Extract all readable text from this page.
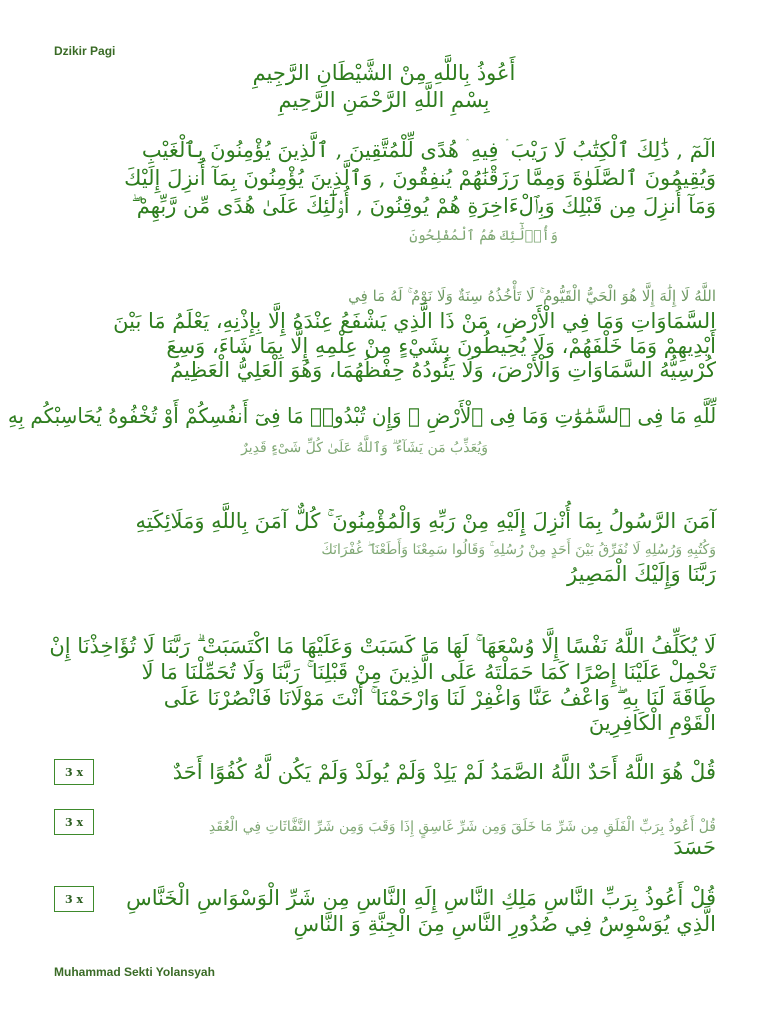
Dzikir Pagi
أَعُوذُ بِاللَّهِ مِنْ الشَّيْطَانِ الرَّجِيمِ
بِسْمِ اللَّهِ الرَّحْمَنِ الرَّحِيمِ
الٓمٓ , ذَٰلِكَ ٱلْكِتَٰبُ لَا رَيْبَ ۛ فِيهِ ۛ هُدًى لِّلْمُتَّقِينَ , ٱلَّذِينَ يُؤْمِنُونَ بِٱلْغَيْبِ
وَيُقِيمُونَ ٱلصَّلَوٰةَ وَمِمَّا رَزَقْنَٰهُمْ يُنفِقُونَ , وَٱلَّذِينَ يُؤْمِنُونَ بِمَآ أُنزِلَ إِلَيْكَ
وَمَآ أُنزِلَ مِن قَبْلِكَ وَبِٱلْءَاخِرَةِ هُمْ يُوقِنُونَ , أُو۟لَٰٓئِكَ عَلَىٰ هُدًى مِّن رَّبِّهِمْ ۖ
وَأُو۟لَٰٓئِكَ هُمُ ٱلْمُفْلِحُونَ
اللَّهُ لَا إِلَٰهَ إِلَّا هُوَ الْحَيُّ الْقَيُّومُ ۚ لَا تَأْخُذُهُ سِنَةٌ وَلَا نَوْمٌ ۚ لَهُ مَا فِي
السَّمَاوَاتِ وَمَا فِي الْأَرْضِ، مَنْ ذَا الَّذِي يَشْفَعُ عِنْدَهُ إِلَّا بِإِذْنِهِ، يَعْلَمُ مَا بَيْنَ
أَيْدِيهِمْ وَمَا خَلْفَهُمْ، وَلَا يُحِيطُونَ بِشَيْءٍ مِنْ عِلْمِهِ إِلَّا بِمَا شَاءَ، وَسِعَ
كُرْسِيُّهُ السَّمَاوَاتِ وَالْأَرْضَ، وَلَا يَئُودُهُ حِفْظُهُمَا، وَهُوَ الْعَلِيُّ الْعَظِيمُ
لِّلَّهِ مَا فِى ٱلسَّمَٰوَٰتِ وَمَا فِى ٱلْأَرْضِ ۗ وَإِن تُبْدُوا۟ مَا فِىٓ أَنفُسِكُمْ أَوْ تُخْفُوهُ يُحَاسِبْكُم بِهِ
وَيُعَذِّبُ مَن يَشَآءُ ۗ وَٱللَّهُ عَلَىٰ كُلِّ شَىْءٍ قَدِيرٌ
آمَنَ الرَّسُولُ بِمَا أُنْزِلَ إِلَيْهِ مِنْ رَبِّهِ وَالْمُؤْمِنُونَ ۚ كُلٌّ آمَنَ بِاللَّهِ وَمَلَائِكَتِهِ
وَكُتُبِهِ وَرُسُلِهِ لَا نُفَرِّقُ بَيْنَ أَحَدٍ مِنْ رُسُلِهِ ۚ وَقَالُوا سَمِعْنَا وَأَطَعْنَا ۖ غُفْرَانَكَ
رَبَّنَا وَإِلَيْكَ الْمَصِيرُ
لَا يُكَلِّفُ اللَّهُ نَفْسًا إِلَّا وُسْعَهَا ۚ لَهَا مَا كَسَبَتْ وَعَلَيْهَا مَا اكْتَسَبَتْ ۗ رَبَّنَا لَا تُؤَاخِذْنَا إِنْ
تَحْمِلْ عَلَيْنَا إِصْرًا كَمَا حَمَلْتَهُ عَلَى الَّذِينَ مِنْ قَبْلِنَا ۚ رَبَّنَا وَلَا تُحَمِّلْنَا مَا لَا
طَاقَةَ لَنَا بِهِ ۖ وَاعْفُ عَنَّا وَاغْفِرْ لَنَا وَارْحَمْنَا ۚ أَنْتَ مَوْلَانَا فَانْصُرْنَا عَلَى
الْقَوْمِ الْكَافِرِينَ
قُلْ هُوَ اللَّهُ أَحَدٌ اللَّهُ الصَّمَدُ لَمْ يَلِدْ وَلَمْ يُولَدْ وَلَمْ يَكُن لَّهُ كُفُوًا أَحَدٌ
3 x
قُلْ أَعُوذُ بِرَبِّ الْفَلَقِ مِن شَرِّ مَا خَلَقَ وَمِن شَرِّ غَاسِقٍ إِذَا وَقَبَ وَمِن شَرِّ النَّفَّاثَاتِ فِي الْعُقَدِ
حَسَدَ
3 x
قُلْ أَعُوذُ بِرَبِّ النَّاسِ مَلِكِ النَّاسِ إِلَهِ النَّاسِ مِن شَرِّ الْوَسْوَاسِ الْخَنَّاسِ
الَّذِي يُوَسْوِسُ فِي صُدُورِ النَّاسِ مِنَ الْجِنَّةِ وَ النَّاسِ
3 x
Muhammad Sekti Yolansyah
